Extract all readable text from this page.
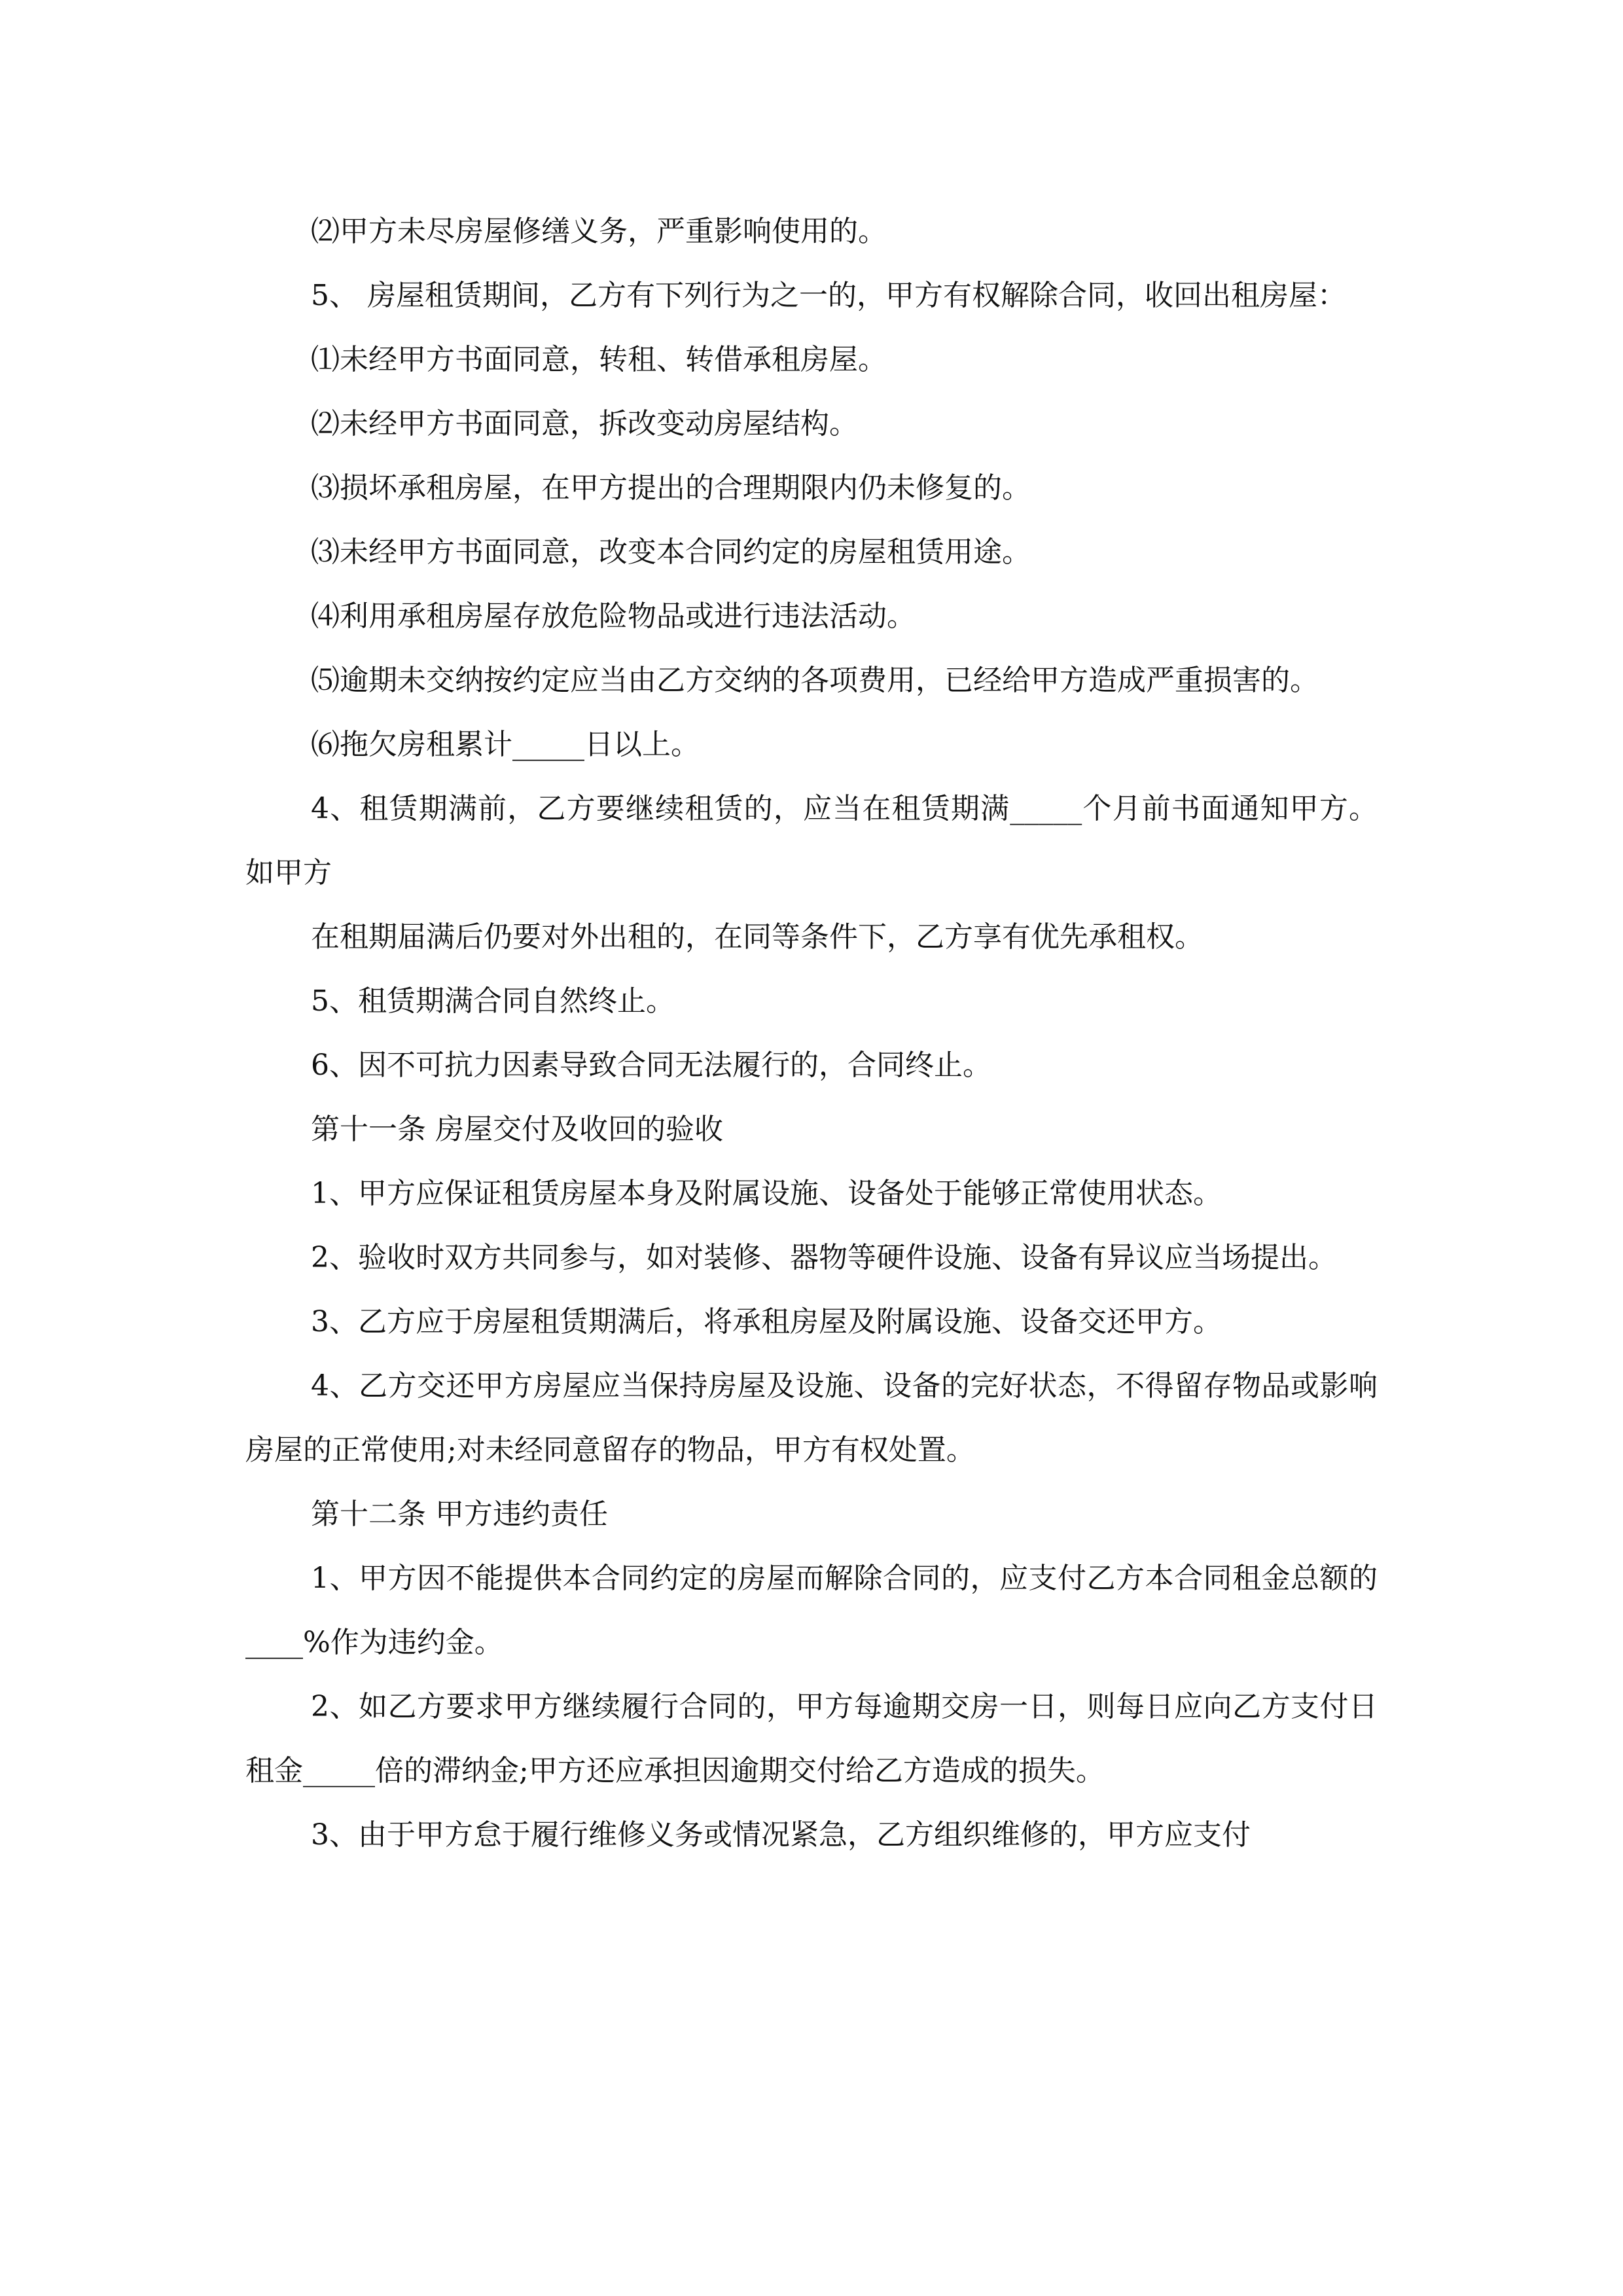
⑵甲方未尽房屋修缮义务，严重影响使用的。

5、 房屋租赁期间，乙方有下列行为之一的，甲方有权解除合同，收回出租房屋：

⑴未经甲方书面同意，转租、转借承租房屋。

⑵未经甲方书面同意，拆改变动房屋结构。

⑶损坏承租房屋，在甲方提出的合理期限内仍未修复的。

⑶未经甲方书面同意，改变本合同约定的房屋租赁用途。

⑷利用承租房屋存放危险物品或进行违法活动。

⑸逾期未交纳按约定应当由乙方交纳的各项费用，已经给甲方造成严重损害的。

⑹拖欠房租累计_____日以上。

4、租赁期满前，乙方要继续租赁的，应当在租赁期满_____个月前书面通知甲方。如甲方

在租期届满后仍要对外出租的，在同等条件下，乙方享有优先承租权。

5、租赁期满合同自然终止。

6、因不可抗力因素导致合同无法履行的，合同终止。

第十一条 房屋交付及收回的验收

1、甲方应保证租赁房屋本身及附属设施、设备处于能够正常使用状态。

2、验收时双方共同参与，如对装修、器物等硬件设施、设备有异议应当场提出。

3、乙方应于房屋租赁期满后，将承租房屋及附属设施、设备交还甲方。

4、乙方交还甲方房屋应当保持房屋及设施、设备的完好状态，不得留存物品或影响房屋的正常使用;对未经同意留存的物品，甲方有权处置。

第十二条 甲方违约责任

1、甲方因不能提供本合同约定的房屋而解除合同的，应支付乙方本合同租金总额的____%作为违约金。

2、如乙方要求甲方继续履行合同的，甲方每逾期交房一日，则每日应向乙方支付日租金_____倍的滞纳金;甲方还应承担因逾期交付给乙方造成的损失。

3、由于甲方怠于履行维修义务或情况紧急，乙方组织维修的，甲方应支付
